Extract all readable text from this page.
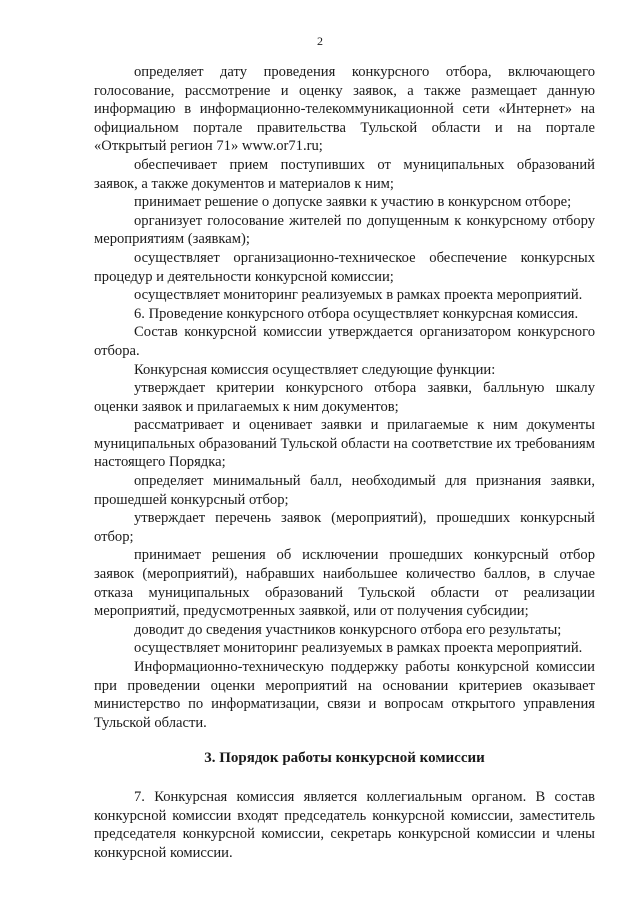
2

определяет дату проведения конкурсного отбора, включающего голосование, рассмотрение и оценку заявок, а также размещает данную информацию в информационно-телекоммуникационной сети «Интернет» на официальном портале правительства Тульской области и на портале «Открытый регион 71» www.or71.ru;

обеспечивает прием поступивших от муниципальных образований заявок, а также документов и материалов к ним;

принимает решение о допуске заявки к участию в конкурсном отборе;

организует голосование жителей по допущенным к конкурсному отбору мероприятиям (заявкам);

осуществляет организационно-техническое обеспечение конкурсных процедур и деятельности конкурсной комиссии;

осуществляет мониторинг реализуемых в рамках проекта мероприятий.

6. Проведение конкурсного отбора осуществляет конкурсная комиссия.

Состав конкурсной комиссии утверждается организатором конкурсного отбора.

Конкурсная комиссия осуществляет следующие функции:

утверждает критерии конкурсного отбора заявки, балльную шкалу оценки заявок и прилагаемых к ним документов;

рассматривает и оценивает заявки и прилагаемые к ним документы муниципальных образований Тульской области на соответствие их требованиям настоящего Порядка;

определяет минимальный балл, необходимый для признания заявки, прошедшей конкурсный отбор;

утверждает перечень заявок (мероприятий), прошедших конкурсный отбор;

принимает решения об исключении прошедших конкурсный отбор заявок (мероприятий), набравших наибольшее количество баллов, в случае отказа муниципальных образований Тульской области от реализации мероприятий, предусмотренных заявкой, или от получения субсидии;

доводит до сведения участников конкурсного отбора его результаты;

осуществляет мониторинг реализуемых в рамках проекта мероприятий.

Информационно-техническую поддержку работы конкурсной комиссии при проведении оценки мероприятий на основании критериев оказывает министерство по информатизации, связи и вопросам открытого управления Тульской области.

3. Порядок работы конкурсной комиссии

7. Конкурсная комиссия является коллегиальным органом. В состав конкурсной комиссии входят председатель конкурсной комиссии, заместитель председателя конкурсной комиссии, секретарь конкурсной комиссии и члены конкурсной комиссии.
